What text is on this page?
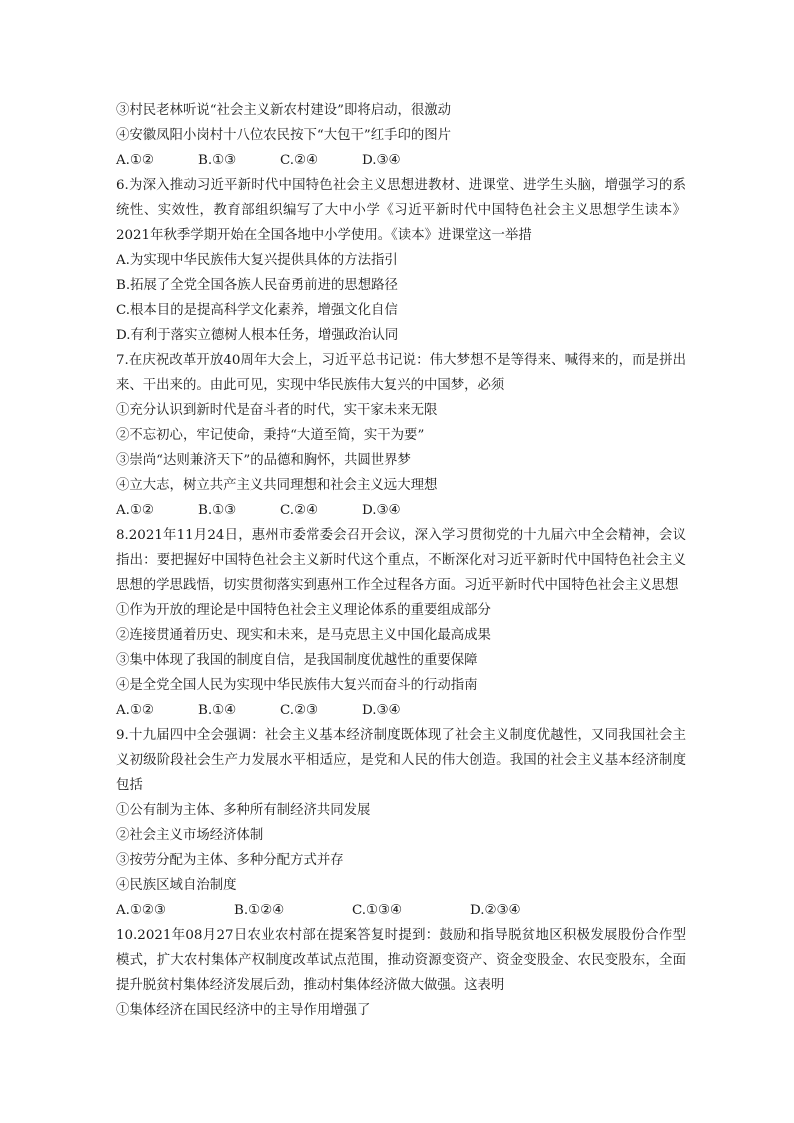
③村民老林听说“社会主义新农村建设”即将启动，很激动
④安徽凤阳小岗村十八位农民按下“大包干”红手印的图片
A.①②	B.①③	C.②④	D.③④
6.为深入推动习近平新时代中国特色社会主义思想进教材、进课堂、进学生头脑，增强学习的系统性、实效性，教育部组织编写了大中小学《习近平新时代中国特色社会主义思想学生读本》2021年秋季学期开始在全国各地中小学使用。《读本》进课堂这一举措
A.为实现中华民族伟大复兴提供具体的方法指引
B.拓展了全党全国各族人民奋勇前进的思想路径
C.根本目的是提高科学文化素养，增强文化自信
D.有利于落实立德树人根本任务，增强政治认同
7.在庆祝改革开放40周年大会上，习近平总书记说：伟大梦想不是等得来、喊得来的，而是拼出来、干出来的。由此可见，实现中华民族伟大复兴的中国梦，必须
①充分认识到新时代是奋斗者的时代，实干家未来无限
②不忘初心，牢记使命，秉持“大道至简，实干为要”
③崇尚“达则兼济天下”的品德和胸怀，共圆世界梦
④立大志，树立共产主义共同理想和社会主义远大理想
A.①②	B.①③	C.②④	D.③④
8.2021年11月24日，惠州市委常委会召开会议，深入学习贯彻党的十九届六中全会精神，会议指出：要把握好中国特色社会主义新时代这个重点，不断深化对习近平新时代中国特色社会主义思想的学思践悟，切实贯彻落实到惠州工作全过程各方面。习近平新时代中国特色社会主义思想
①作为开放的理论是中国特色社会主义理论体系的重要组成部分
②连接贯通着历史、现实和未来，是马克思主义中国化最高成果
③集中体现了我国的制度自信，是我国制度优越性的重要保障
④是全党全国人民为实现中华民族伟大复兴而奋斗的行动指南
A.①②	B.①④	C.②③	D.③④
9.十九届四中全会强调：社会主义基本经济制度既体现了社会主义制度优越性，又同我国社会主义初级阶段社会生产力发展水平相适应，是党和人民的伟大创造。我国的社会主义基本经济制度包括
①公有制为主体、多种所有制经济共同发展
②社会主义市场经济体制
③按劳分配为主体、多种分配方式并存
④民族区域自治制度
A.①②③	B.①②④	C.①③④	D.②③④
10.2021年08月27日农业农村部在提案答复时提到：鼓励和指导脱贫地区积极发展股份合作型模式，扩大农村集体产权制度改革试点范围，推动资源变资产、资金变股金、农民变股东，全面提升脱贫村集体经济发展后劲，推动村集体经济做大做强。这表明
①集体经济在国民经济中的主导作用增强了
